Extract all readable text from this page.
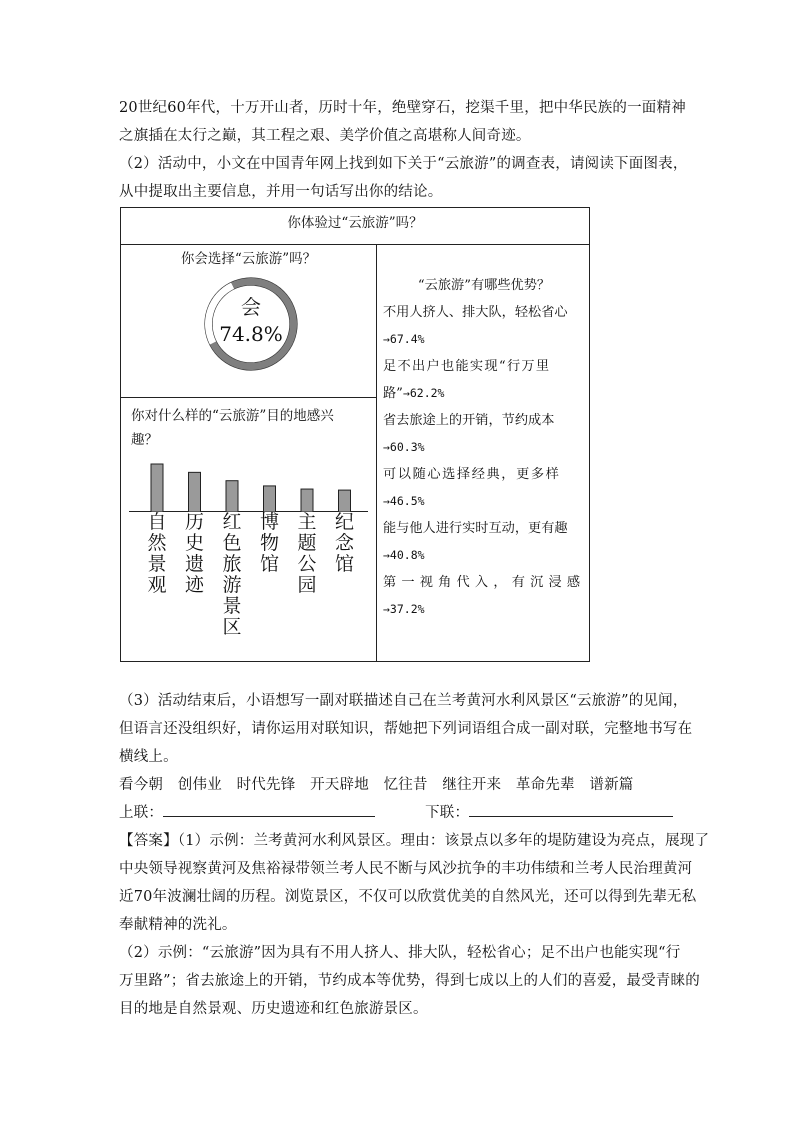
20世纪60年代，十万开山者，历时十年，绝壁穿石，挖渠千里，把中华民族的一面精神
之旗插在太行之巅，其工程之艰、美学价值之高堪称人间奇迹。
（2）活动中，小文在中国青年网上找到如下关于“云旅游”的调查表，请阅读下面图表，
从中提取出主要信息，并用一句话写出你的结论。
你体验过“云旅游”吗？
你会选择“云旅游”吗？
会
74.8%
你对什么样的“云旅游”目的地感兴
趣？
自然景观
历史遗迹
红色旅游景区
博物馆
主题公园
纪念馆
“云旅游”有哪些优势？
不用人挤人、排大队，轻松省心
→67.4%
足不出户也能实现“行万里
路”→62.2%
省去旅途上的开销，节约成本
→60.3%
可以随心选择经典，更多样
→46.5%
能与他人进行实时互动，更有趣
→40.8%
第一视角代入，有沉浸感
→37.2%
（3）活动结束后，小语想写一副对联描述自己在兰考黄河水利风景区“云旅游”的见闻，
但语言还没组织好，请你运用对联知识，帮她把下列词语组合成一副对联，完整地书写在
横线上。
看今朝　创伟业　时代先锋　开天辟地　忆往昔　继往开来　革命先辈　谱新篇
上联：	下联：
【答案】（1）示例：兰考黄河水利风景区。理由：该景点以多年的堤防建设为亮点，展现了
中央领导视察黄河及焦裕禄带领兰考人民不断与风沙抗争的丰功伟绩和兰考人民治理黄河
近70年波澜壮阔的历程。浏览景区，不仅可以欣赏优美的自然风光，还可以得到先辈无私
奉献精神的洗礼。
（2）示例：“云旅游”因为具有不用人挤人、排大队，轻松省心；足不出户也能实现“行
万里路”；省去旅途上的开销，节约成本等优势，得到七成以上的人们的喜爱，最受青睐的
目的地是自然景观、历史遗迹和红色旅游景区。
